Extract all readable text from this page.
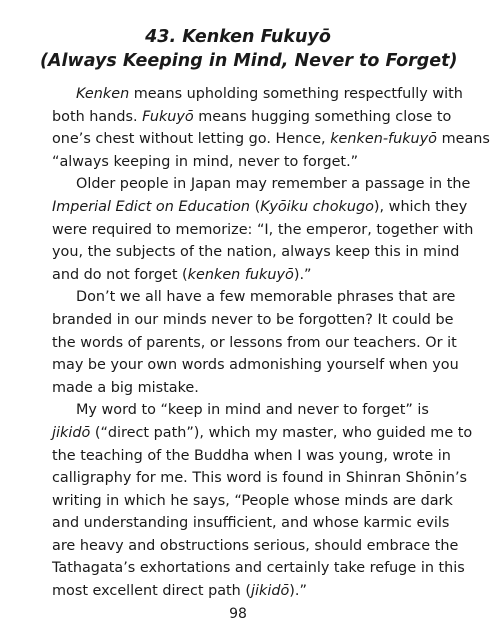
43. Kenken Fukuyō
(Always Keeping in Mind, Never to Forget)
Kenken means upholding something respectfully with
both hands. Fukuyō means hugging something close to
one’s chest without letting go. Hence, kenken-fukuyō means
“always keeping in mind, never to forget.”
Older people in Japan may remember a passage in the
Imperial Edict on Education (Kyōiku chokugo), which they
were required to memorize: “I, the emperor, together with
you, the subjects of the nation, always keep this in mind
and do not forget (kenken fukuyō).”
Don’t we all have a few memorable phrases that are
branded in our minds never to be forgotten? It could be
the words of parents, or lessons from our teachers. Or it
may be your own words admonishing yourself when you
made a big mistake.
My word to “keep in mind and never to forget” is
jikidō (“direct path”), which my master, who guided me to
the teaching of the Buddha when I was young, wrote in
calligraphy for me. This word is found in Shinran Shōnin’s
writing in which he says, “People whose minds are dark
and understanding insufficient, and whose karmic evils
are heavy and obstructions serious, should embrace the
Tathagata’s exhortations and certainly take refuge in this
most excellent direct path (jikidō).”
98
